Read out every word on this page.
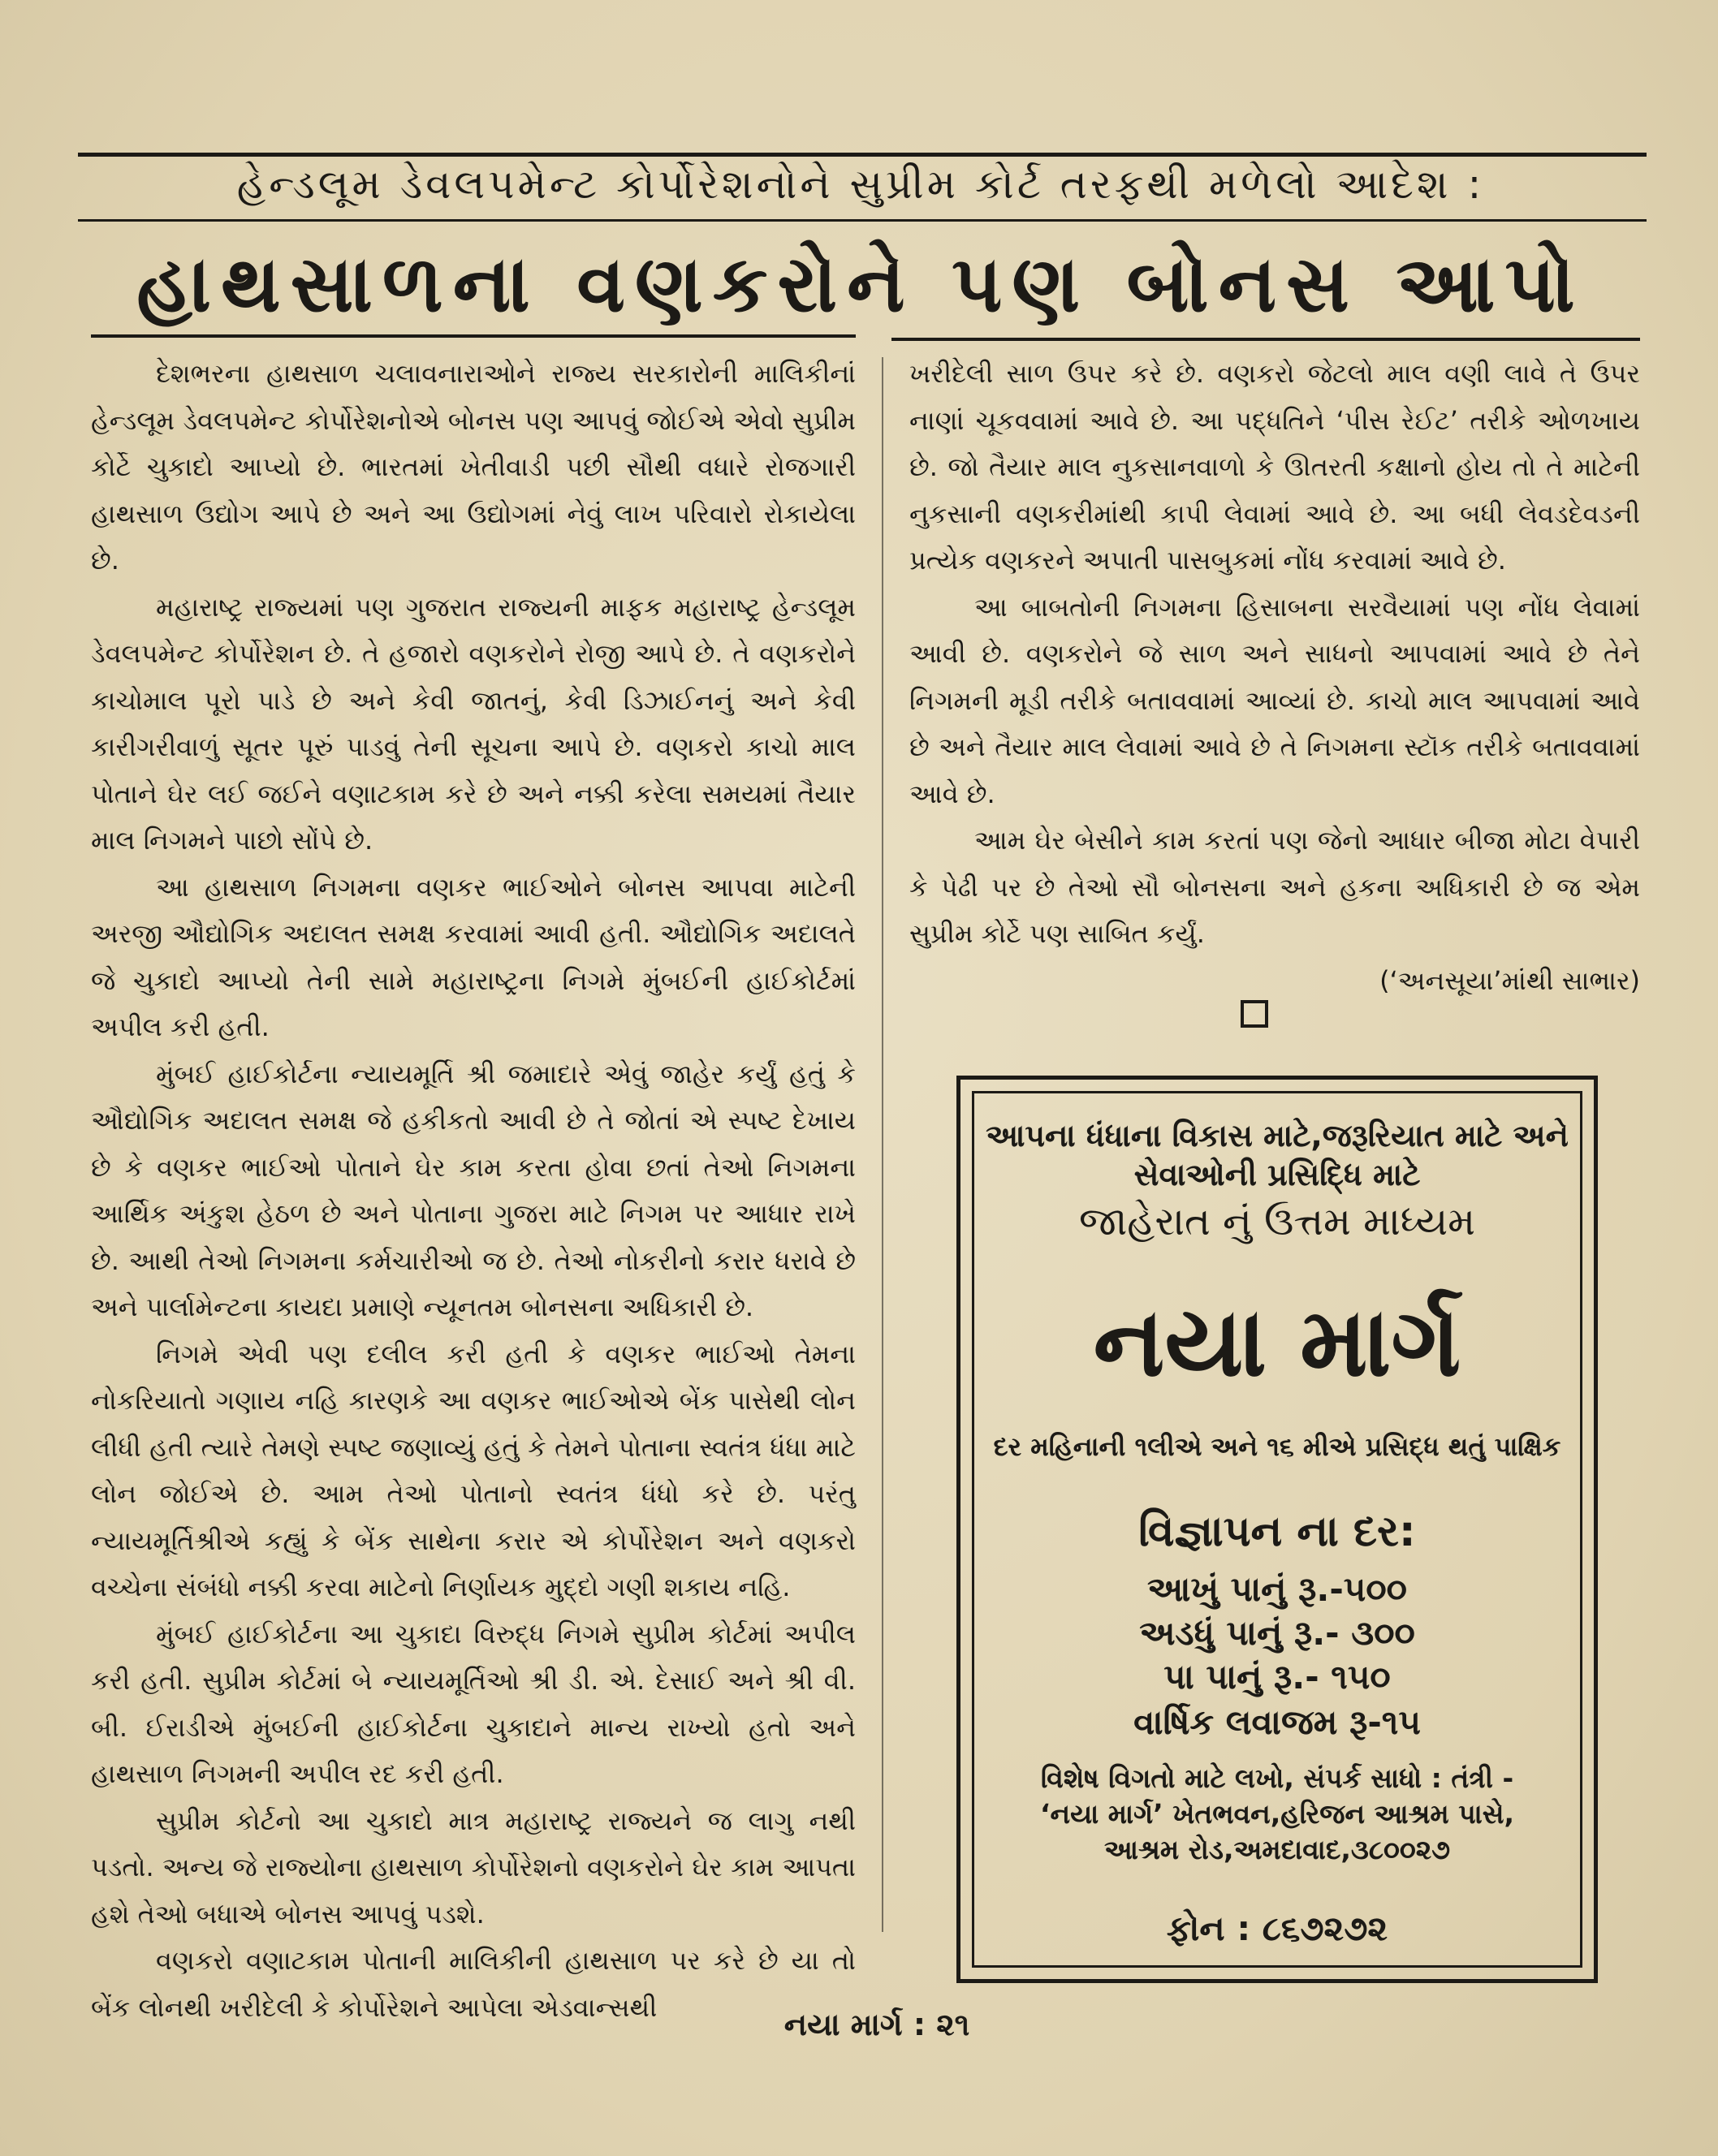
હેન્ડલૂમ ડેવલપમેન્ટ કોર્પોરેશનોને સુપ્રીમ કોર્ટ તરફથી મળેલો આદેશ :
હાથસાળના વણકરોને પણ બોનસ આપો

દેશભરના હાથસાળ ચલાવનારાઓને રાજ્ય સરકારોની માલિકીનાં હેન્ડલૂમ ડેવલપમેન્ટ કોર્પોરેશનોએ બોનસ પણ આપવું જોઈએ એવો સુપ્રીમ કોર્ટે ચુકાદો આપ્યો છે. ભારતમાં ખેતીવાડી પછી સૌથી વધારે રોજગારી હાથસાળ ઉદ્યોગ આપે છે અને આ ઉદ્યોગમાં નેવું લાખ પરિવારો રોકાયેલા છે.

મહારાષ્ટ્ર રાજ્યમાં પણ ગુજરાત રાજ્યની માફક મહારાષ્ટ્ર હેન્ડલૂમ ડેવલપમેન્ટ કોર્પોરેશન છે. તે હજારો વણકરોને રોજી આપે છે. તે વણકરોને કાચોમાલ પૂરો પાડે છે અને કેવી જાતનું, કેવી ડિઝાઈનનું અને કેવી કારીગરીવાળું સૂતર પૂરું પાડવું તેની સૂચના આપે છે. વણકરો કાચો માલ પોતાને ઘેર લઈ જઈને વણાટકામ કરે છે અને નક્કી કરેલા સમયમાં તૈયાર માલ નિગમને પાછો સોંપે છે.

આ હાથસાળ નિગમના વણકર ભાઈઓને બોનસ આપવા માટેની અરજી ઔદ્યોગિક અદાલત સમક્ષ કરવામાં આવી હતી. ઔદ્યોગિક અદાલતે જે ચુકાદો આપ્યો તેની સામે મહારાષ્ટ્રના નિગમે મુંબઈની હાઈકોર્ટમાં અપીલ કરી હતી.

મુંબઈ હાઈકોર્ટના ન્યાયમૂર્તિ શ્રી જમાદારે એવું જાહેર કર્યું હતું કે ઔદ્યોગિક અદાલત સમક્ષ જે હકીકતો આવી છે તે જોતાં એ સ્પષ્ટ દેખાય છે કે વણકર ભાઈઓ પોતાને ઘેર કામ કરતા હોવા છતાં તેઓ નિગમના આર્થિક અંકુશ હેઠળ છે અને પોતાના ગુજરા માટે નિગમ પર આધાર રાખે છે. આથી તેઓ નિગમના કર્મચારીઓ જ છે. તેઓ નોકરીનો કરાર ધરાવે છે અને પાર્લામેન્ટના કાયદા પ્રમાણે ન્યૂનતમ બોનસના અધિકારી છે.

નિગમે એવી પણ દલીલ કરી હતી કે વણકર ભાઈઓ તેમના નોકરિયાતો ગણાય નહિ કારણકે આ વણકર ભાઈઓએ બેંક પાસેથી લોન લીધી હતી ત્યારે તેમણે સ્પષ્ટ જણાવ્યું હતું કે તેમને પોતાના સ્વતંત્ર ધંધા માટે લોન જોઈએ છે. આમ તેઓ પોતાનો સ્વતંત્ર ધંધો કરે છે. પરંતુ ન્યાયમૂર્તિશ્રીએ કહ્યું કે બેંક સાથેના કરાર એ કોર્પોરેશન અને વણકરો વચ્ચેના સંબંધો નક્કી કરવા માટેનો નિર્ણાયક મુદ્દો ગણી શકાય નહિ.

મુંબઈ હાઈકોર્ટના આ ચુકાદા વિરુદ્ધ નિગમે સુપ્રીમ કોર્ટમાં અપીલ કરી હતી. સુપ્રીમ કોર્ટમાં બે ન્યાયમૂર્તિઓ શ્રી ડી. એ. દેસાઈ અને શ્રી વી. બી. ઈરાડીએ મુંબઈની હાઈકોર્ટના ચુકાદાને માન્ય રાખ્યો હતો અને હાથસાળ નિગમની અપીલ રદ કરી હતી.

સુપ્રીમ કોર્ટનો આ ચુકાદો માત્ર મહારાષ્ટ્ર રાજ્યને જ લાગુ નથી પડતો. અન્ય જે રાજ્યોના હાથસાળ કોર્પોરેશનો વણકરોને ઘેર કામ આપતા હશે તેઓ બધાએ બોનસ આપવું પડશે.

વણકરો વણાટકામ પોતાની માલિકીની હાથસાળ પર કરે છે યા તો બેંક લોનથી ખરીદેલી કે કોર્પોરેશને આપેલા એડવાન્સથી

ખરીદેલી સાળ ઉપર કરે છે. વણકરો જેટલો માલ વણી લાવે તે ઉપર નાણાં ચૂકવવામાં આવે છે. આ પદ્ધતિને ‘પીસ રેઈટ’ તરીકે ઓળખાય છે. જો તૈયાર માલ નુકસાનવાળો કે ઊતરતી કક્ષાનો હોય તો તે માટેની નુકસાની વણકરીમાંથી કાપી લેવામાં આવે છે. આ બધી લેવડદેવડની પ્રત્યેક વણકરને અપાતી પાસબુકમાં નોંધ કરવામાં આવે છે.

આ બાબતોની નિગમના હિસાબના સરવૈયામાં પણ નોંધ લેવામાં આવી છે. વણકરોને જે સાળ અને સાધનો આપવામાં આવે છે તેને નિગમની મૂડી તરીકે બતાવવામાં આવ્યાં છે. કાચો માલ આપવામાં આવે છે અને તૈયાર માલ લેવામાં આવે છે તે નિગમના સ્ટૉક તરીકે બતાવવામાં આવે છે.

આમ ઘેર બેસીને કામ કરતાં પણ જેનો આધાર બીજા મોટા વેપારી કે પેઢી પર છે તેઓ સૌ બોનસના અને હકના અધિકારી છે જ એમ સુપ્રીમ કોર્ટે પણ સાબિત કર્યું.

(‘અનસૂયા’માંથી સાભાર)

આપના ધંધાના વિકાસ માટે,જરૂરિયાત માટે અને સેવાઓની પ્રસિદ્ધિ માટે
જાહેરાત નું ઉત્તમ માધ્યમ
નયા માર્ગ
દર મહિનાની ૧લીએ અને ૧૬ મીએ પ્રસિદ્ધ થતું પાક્ષિક
વિજ્ઞાપન ના દર:
આખું પાનું રૂ.-૫૦૦
અડધું પાનું રૂ.- ૩૦૦
પા પાનું રૂ.- ૧૫૦
વાર્ષિક લવાજમ રૂ-૧૫
વિશેષ વિગતો માટે લખો, સંપર્ક સાધો : તંત્રી - ‘નયા માર્ગ’ ખેતભવન,હરિજન આશ્રમ પાસે, આશ્રમ રોડ,અમદાવાદ,૩૮૦૦૨૭
ફોન : ૮૬૭૨૭૨
નયા માર્ગ : ૨૧
